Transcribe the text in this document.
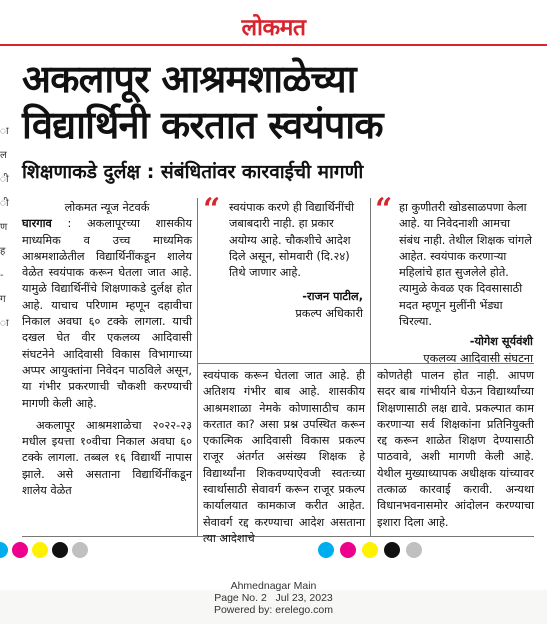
लोकमत
ा
ल
ी
ी
ण
ह
-
ग
ा
अकलापूर आश्रमशाळेच्या
विद्यार्थिनी करतात स्वयंपाक
शिक्षणाकडे दुर्लक्ष : संबंधितांवर कारवाईची मागणी
लोकमत न्यूज नेटवर्क

घारगाव : अकलापूरच्या शासकीय माध्यमिक व उच्च माध्यमिक आश्रमशाळेतील विद्यार्थिनींकडून शालेय वेळेत स्वयंपाक करून घेतला जात आहे. यामुळे विद्यार्थिनींचे शिक्षणाकडे दुर्लक्ष होत आहे. याचाच परिणाम म्हणून दहावीचा निकाल अवघा ६० टक्के लागला. याची दखल घेत वीर एकलव्य आदिवासी संघटनेने आदिवासी विकास विभागाच्या अप्पर आयुक्तांना निवेदन पाठविले असून, या गंभीर प्रकरणाची चौकशी करण्याची मागणी केली आहे.

अकलापूर आश्रमशाळेचा २०२२-२३ मधील इयत्ता १०वीचा निकाल अवघा ६० टक्के लागला. तब्बल १६ विद्यार्थी नापास झाले. असे असताना विद्यार्थिनींकडून शालेय वेळेत

“ स्वयंपाक करणे ही विद्यार्थिनींची जबाबदारी नाही. हा प्रकार अयोग्य आहे. चौकशीचे आदेश दिले असून, सोमवारी (दि.२४) तिथे जाणार आहे.

-राजन पाटील,
प्रकल्प अधिकारी
“ हा कुणीतरी खोडसाळपणा केला आहे. या निवेदनाशी आमचा संबंध नाही. तेथील शिक्षक चांगले आहेत. स्वयंपाक करणाऱ्या महिलांचे हात सुजलेले होते. त्यामुळे केवळ एक दिवसासाठी मदत म्हणून मुलींनी भेंड्या चिरल्या.

-योगेश सूर्यवंशी
एकलव्य आदिवासी संघटना

स्वयंपाक करून घेतला जात आहे. ही अतिशय गंभीर बाब आहे. शासकीय आश्रमशाळा नेमके कोणासाठीच काम करतात का? असा प्रश्न उपस्थित करून एकात्मिक आदिवासी विकास प्रकल्प राजूर अंतर्गत असंख्य शिक्षक हे विद्यार्थ्यांना शिकवण्याऐवजी स्वतःच्या स्वार्थासाठी सेवावर्ग करून राजूर प्रकल्प कार्यालयात कामकाज करीत आहेत. सेवावर्ग रद्द करण्याचा आदेश असताना त्या आदेशाचे

कोणतेही पालन होत नाही. आपण सदर बाब गांभीर्याने घेऊन विद्यार्थ्यांच्या शिक्षणासाठी लक्ष द्यावे. प्रकल्पात काम करणाऱ्या सर्व शिक्षकांना प्रतिनियुक्ती रद्द करून शाळेत शिक्षण देण्यासाठी पाठवावे, अशी मागणी केली आहे. येथील मुख्याध्यापक अधीक्षक यांच्यावर तत्काळ कारवाई करावी. अन्यथा विधानभवनासमोर आंदोलन करण्याचा इशारा दिला आहे.

Ahmednagar Main
Page No. 2   Jul 23, 2023
Powered by: erelego.com
